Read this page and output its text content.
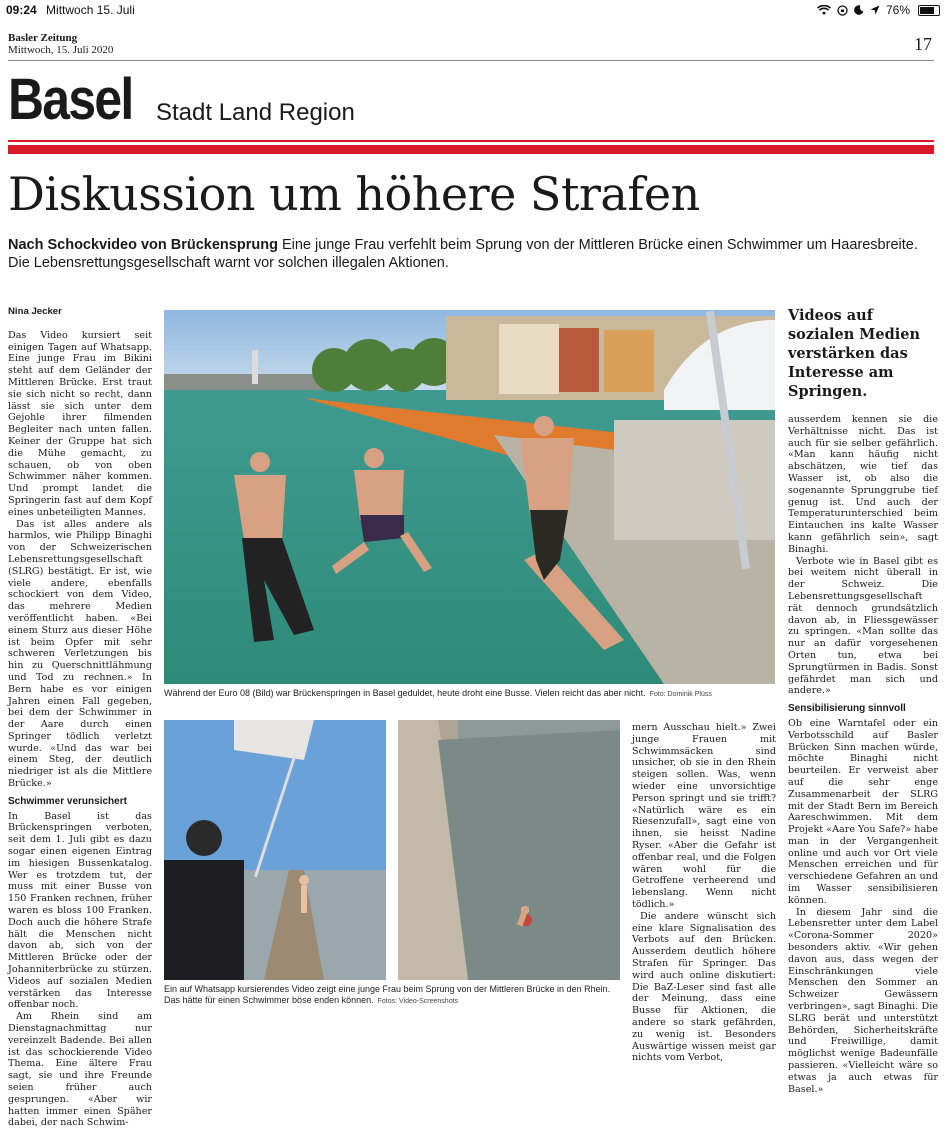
09:24 Mittwoch 15. Juli	76%
Basler Zeitung
Mittwoch, 15. Juli 2020	17
Basel Stadt Land Region
Diskussion um höhere Strafen
Nach Schockvideo von Brückensprung Eine junge Frau verfehlt beim Sprung von der Mittleren Brücke einen Schwimmer um Haaresbreite. Die Lebensrettungsgesellschaft warnt vor solchen illegalen Aktionen.
Nina Jecker

Das Video kursiert seit einigen Tagen auf Whatsapp. Eine junge Frau im Bikini steht auf dem Geländer der Mittleren Brücke. Erst traut sie sich nicht so recht, dann lässt sie sich unter dem Gejohle ihrer filmenden Begleiter nach unten fallen. Keiner der Gruppe hat sich die Mühe gemacht, zu schauen, ob von oben Schwimmer näher kommen. Und prompt landet die Springerin fast auf dem Kopf eines unbeteiligten Mannes.

Das ist alles andere als harmlos, wie Philipp Binaghi von der Schweizerischen Lebensrettungsgesellschaft (SLRG) bestätigt. Er ist, wie viele andere, ebenfalls schockiert von dem Video, das mehrere Medien veröffentlicht haben. «Bei einem Sturz aus dieser Höhe ist beim Opfer mit sehr schweren Verletzungen bis hin zu Querschnittlähmung und Tod zu rechnen.» In Bern habe es vor einigen Jahren einen Fall gegeben, bei dem der Schwimmer in der Aare durch einen Springer tödlich verletzt wurde. «Und das war bei einem Steg, der deutlich niedriger ist als die Mittlere Brücke.»

Schwimmer verunsichert

In Basel ist das Brückenspringen verboten, seit dem 1. Juli gibt es dazu sogar einen eigenen Eintrag im hiesigen Bussenkatalog. Wer es trotzdem tut, der muss mit einer Busse von 150 Franken rechnen, früher waren es bloss 100 Franken. Doch auch die höhere Strafe hält die Menschen nicht davon ab, sich von der Mittleren Brücke oder der Johanniterbrücke zu stürzen. Videos auf sozialen Medien verstärken das Interesse offenbar noch.

Am Rhein sind am Dienstagnachmittag nur vereinzelt Badende. Bei allen ist das schockierende Video Thema. Eine ältere Frau sagt, sie und ihre Freunde seien früher auch gesprungen. «Aber wir hatten immer einen Späher dabei, der nach Schwim-

Während der Euro 08 (Bild) war Brückenspringen in Basel geduldet, heute droht eine Busse. Vielen reicht das aber nicht. Foto: Dominik Plüss
Videos auf sozialen Medien verstärken das Interesse am Springen.
Ein auf Whatsapp kursierendes Video zeigt eine junge Frau beim Sprung von der Mittleren Brücke in den Rhein. Das hätte für einen Schwimmer böse enden können. Fotos: Video-Screenshots

mern Ausschau hielt.» Zwei junge Frauen mit Schwimmsäcken sind unsicher, ob sie in den Rhein steigen sollen. Was, wenn wieder eine unvorsichtige Person springt und sie trifft? «Natürlich wäre es ein Riesenzufall», sagt eine von ihnen, sie heisst Nadine Ryser. «Aber die Gefahr ist offenbar real, und die Folgen wären wohl für die Getroffene verheerend und lebenslang. Wenn nicht tödlich.»

Die andere wünscht sich eine klare Signalisation des Verbots auf den Brücken. Ausserdem deutlich höhere Strafen für Springer. Das wird auch online diskutiert: Die BaZ-Leser sind fast alle der Meinung, dass eine Busse für Aktionen, die andere so stark gefährden, zu wenig ist. Besonders Auswärtige wissen meist gar nichts vom Verbot,

ausserdem kennen sie die Verhältnisse nicht. Das ist auch für sie selber gefährlich. «Man kann häufig nicht abschätzen, wie tief das Wasser ist, ob also die sogenannte Sprunggrube tief genug ist. Und auch der Temperaturunterschied beim Eintauchen ins kalte Wasser kann gefährlich sein», sagt Binaghi.

Verbote wie in Basel gibt es bei weitem nicht überall in der Schweiz. Die Lebensrettungsgesellschaft rät dennoch grundsätzlich davon ab, in Fliessgewässer zu springen. «Man sollte das nur an dafür vorgesehenen Orten tun, etwa bei Sprungtürmen in Badis. Sonst gefährdet man sich und andere.»

Sensibilisierung sinnvoll

Ob eine Warntafel oder ein Verbotsschild auf Basler Brücken Sinn machen würde, möchte Binaghi nicht beurteilen. Er verweist aber auf die sehr enge Zusammenarbeit der SLRG mit der Stadt Bern im Bereich Aareschwimmen. Mit dem Projekt «Aare You Safe?» habe man in der Vergangenheit online und auch vor Ort viele Menschen erreichen und für verschiedene Gefahren an und im Wasser sensibilisieren können.

In diesem Jahr sind die Lebensretter unter dem Label «Corona-Sommer 2020» besonders aktiv. «Wir gehen davon aus, dass wegen der Einschränkungen viele Menschen den Sommer an Schweizer Gewässern verbringen», sagt Binaghi. Die SLRG berät und unterstützt Behörden, Sicherheitskräfte und Freiwillige, damit möglichst wenige Badeunfälle passieren. «Vielleicht wäre so etwas ja auch etwas für Basel.»
